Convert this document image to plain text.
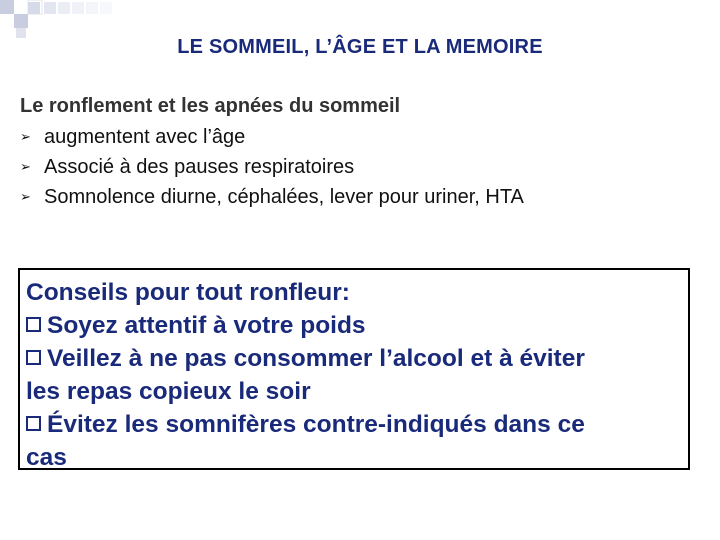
LE SOMMEIL, L’ÂGE ET LA MEMOIRE
Le ronflement et les apnées du sommeil
➢ augmentent avec l’âge
➢ Associé à des pauses respiratoires
➢ Somnolence diurne, céphalées, lever pour uriner, HTA
Conseils pour tout ronfleur:
Soyez attentif à votre poids
Veillez à ne pas consommer l’alcool et à éviter
les repas copieux le soir
Évitez les somnifères contre-indiqués dans ce
cas
